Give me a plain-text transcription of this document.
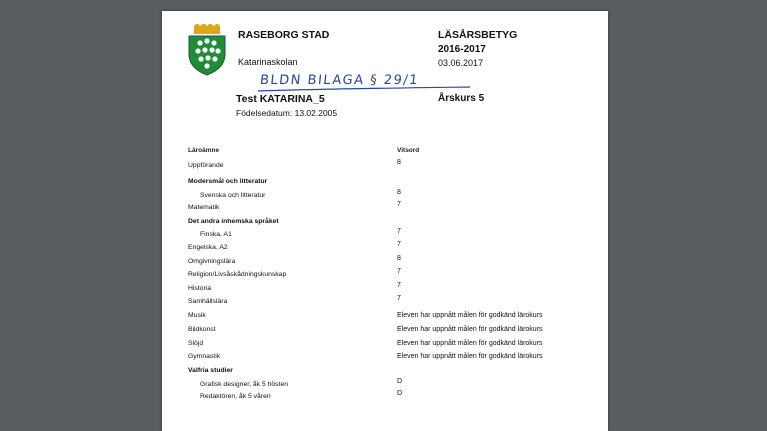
RASEBORG STAD
Katarinaskolan
LÄSÅRSBETYG
2016-2017
03.06.2017
BLDN BILAGA § 29/1
Test KATARINA_5	Årskurs 5
Födelsedatum: 13.02.2005
Läroämne	Vitsord
Uppförande	8
Modersmål och litteratur
Svenska och litteratur	8
Matematik	7
Det andra inhemska språket
Finska, A1	7
Engelska, A2	7
Omgivningslära	8
Religion/Livsåskådningskunskap	7
Historia	7
Samhällslära	7
Musik	Eleven har uppnått målen för godkänd lärokurs
Bildkonst	Eleven har uppnått målen för godkänd lärokurs
Slöjd	Eleven har uppnått målen för godkänd lärokurs
Gymnastik	Eleven har uppnått målen för godkänd lärokurs
Valfria studier
Grafisk designer, åk 5 hösten	D
Redaktören, åk 5 våren	D
